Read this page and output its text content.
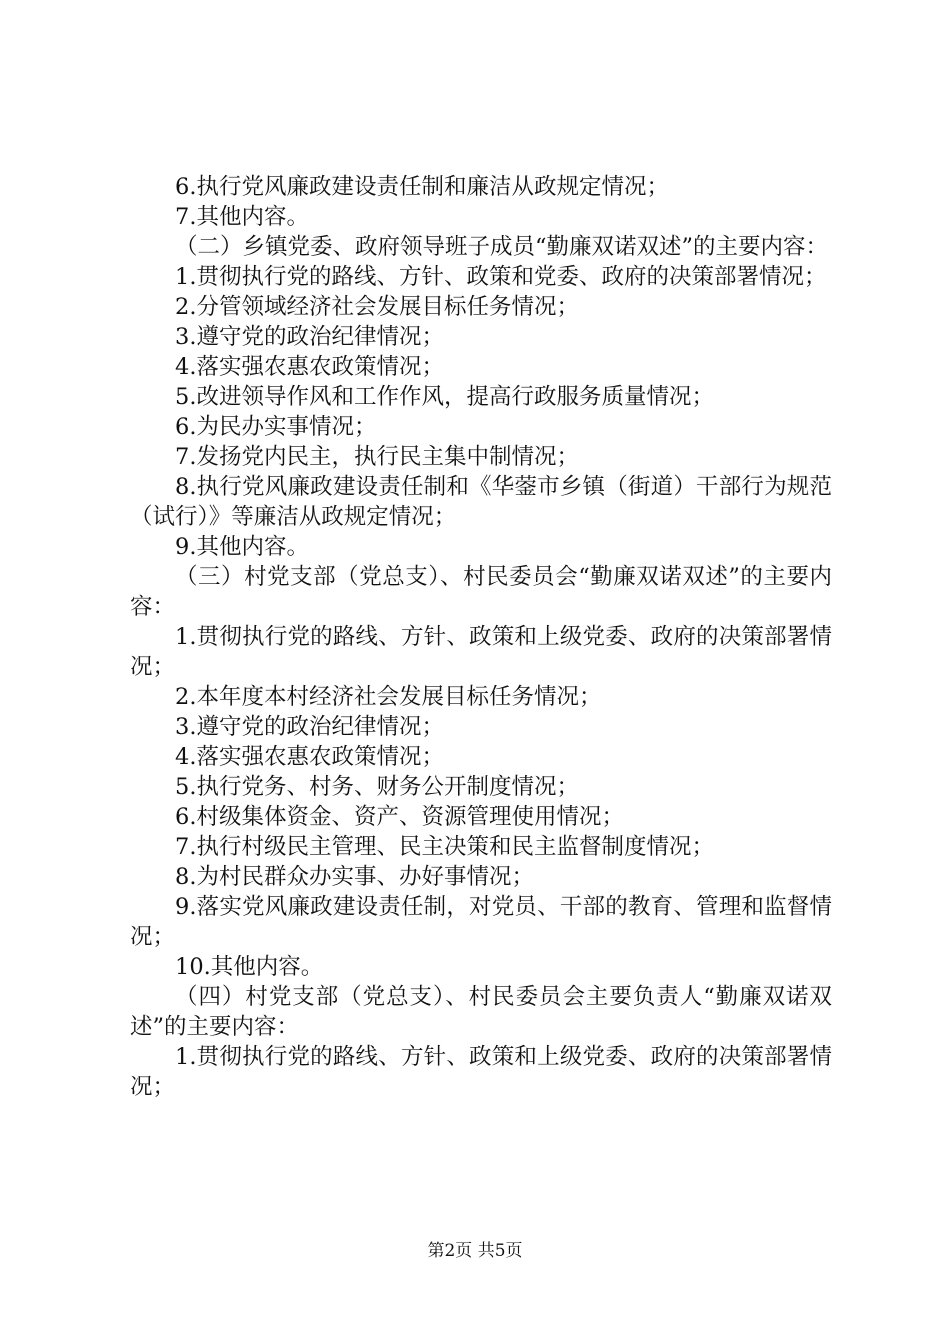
6.执行党风廉政建设责任制和廉洁从政规定情况；

7.其他内容。

（二）乡镇党委、政府领导班子成员“勤廉双诺双述”的主要内容：

1.贯彻执行党的路线、方针、政策和党委、政府的决策部署情况；

2.分管领域经济社会发展目标任务情况；

3.遵守党的政治纪律情况；

4.落实强农惠农政策情况；

5.改进领导作风和工作作风，提高行政服务质量情况；

6.为民办实事情况；

7.发扬党内民主，执行民主集中制情况；

8.执行党风廉政建设责任制和《华蓥市乡镇（街道）干部行为规范（试行）》等廉洁从政规定情况；

9.其他内容。

（三）村党支部（党总支）、村民委员会“勤廉双诺双述”的主要内容：

1.贯彻执行党的路线、方针、政策和上级党委、政府的决策部署情况；

2.本年度本村经济社会发展目标任务情况；

3.遵守党的政治纪律情况；

4.落实强农惠农政策情况；

5.执行党务、村务、财务公开制度情况；

6.村级集体资金、资产、资源管理使用情况；

7.执行村级民主管理、民主决策和民主监督制度情况；

8.为村民群众办实事、办好事情况；

9.落实党风廉政建设责任制，对党员、干部的教育、管理和监督情况；

10.其他内容。

（四）村党支部（党总支）、村民委员会主要负责人“勤廉双诺双述”的主要内容：

1.贯彻执行党的路线、方针、政策和上级党委、政府的决策部署情况；

第2页 共5页
